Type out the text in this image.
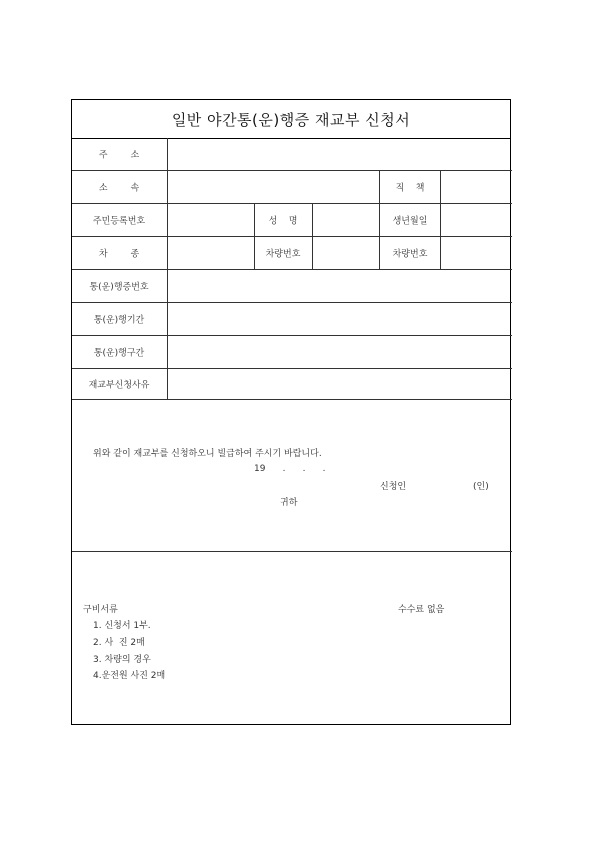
일반 야간통(운)행증 재교부 신청서
주        소
소        속	직    책
주민등록번호	성    명	생년월일
차        종	차량번호	차량번호
통(운)행증번호
통(운)행기간
통(운)행구간
재교부신청사유
위와 같이 재교부를 신청하오니 빌급하여 주시기 바랍니다.
19      .      .      .
신청인	(인)
귀하
구비서류	수수료 없음
1. 신청서 1부.
2. 사  진 2매
3. 차량의 경우
4.운전원 사진 2매
